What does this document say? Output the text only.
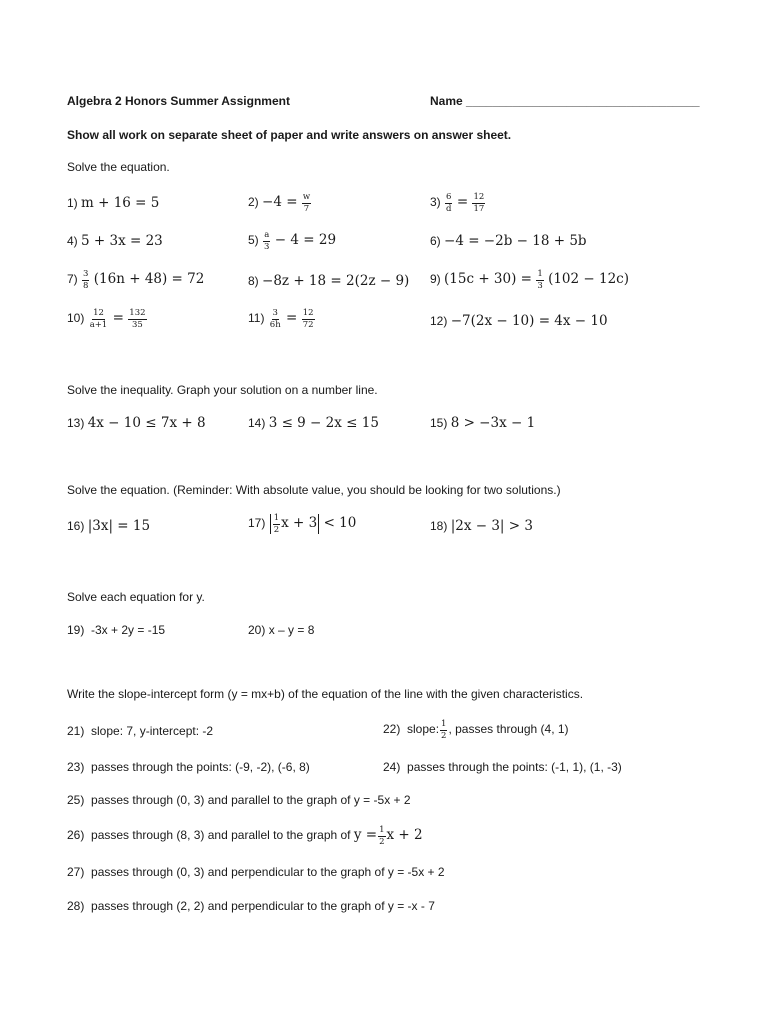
Algebra 2 Honors Summer Assignment	Name ___________________________________
Show all work on separate sheet of paper and write answers on answer sheet.
Solve the equation.
1) m + 16 = 5	$2) -4 = \frac{w}{7}$	$3) \frac{6}{d} = \frac{12}{17}$
4) 5 + 3x = 23	$5) \frac{a}{3} - 4 = 29$	6) −4 = −2b − 18 + 5b
$7) \frac{3}{8} (16n + 48) = 72$	8) −8z + 18 = 2(2z − 9) 9) $(15c + 30) = \frac{1}{3} (102 - 12c)$
$10) \frac{12}{a+1} = \frac{132}{35}$	$11) \frac{3}{6h} = \frac{12}{72}$	12) −7(2x − 10) = 4x − 10
Solve the inequality. Graph your solution on a number line.
13) 4x − 10 ≤ 7x + 8	14) 3 ≤ 9 − 2x ≤ 15	15) 8 > −3x − 1
Solve the equation. (Reminder: With absolute value, you should be looking for two solutions.)
16) |3x| = 15	$17) \frac{1}{2}$ x + 3 < 10	18) |2x − 3| > 3
Solve each equation for y.
19) -3x + 2y = -15	20) x – y = 8
Write the slope-intercept form (y = mx+b) of the equation of the line with the given characteristics.
21) slope: 7, y-intercept: -2	22) slope: $\frac{1}{2}$ , passes through (4, 1)
23) passes through the points: (-9, -2), (-6, 8)	24) passes through the points: (-1, 1), (1, -3)
25) passes through (0, 3) and parallel to the graph of y = -5x + 2
26) passes through (8, 3) and parallel to the graph of $y = \frac{1}{2}$ x + 2
27) passes through (0, 3) and perpendicular to the graph of y = -5x + 2
28) passes through (2, 2) and perpendicular to the graph of y = -x - 7
